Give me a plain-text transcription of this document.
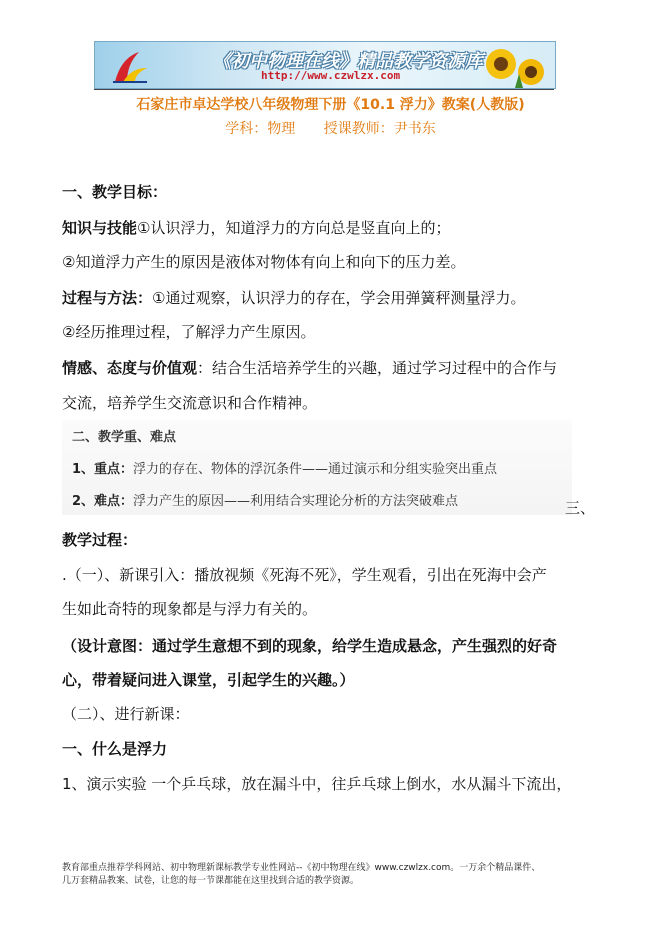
《初中物理在线》精品教学资源库
http://www.czwlzx.com
石家庄市卓达学校八年级物理下册《10.1 浮力》教案(人教版)
学科：物理 授课教师：尹书东
一、教学目标：
知识与技能①认识浮力，知道浮力的方向总是竖直向上的；
②知道浮力产生的原因是液体对物体有向上和向下的压力差。
过程与方法：①通过观察，认识浮力的存在，学会用弹簧秤测量浮力。
②经历推理过程，了解浮力产生原因。
情感、态度与价值观：结合生活培养学生的兴趣，通过学习过程中的合作与
交流，培养学生交流意识和合作精神。
二、教学重、难点
1、重点：浮力的存在、物体的浮沉条件——通过演示和分组实验突出重点
2、难点：浮力产生的原因——利用结合实理论分析的方法突破难点	三、
教学过程：
.（一）、新课引入：播放视频《死海不死》，学生观看，引出在死海中会产
生如此奇特的现象都是与浮力有关的。
（设计意图：通过学生意想不到的现象，给学生造成悬念，产生强烈的好奇
心，带着疑问进入课堂，引起学生的兴趣。）
（二）、进行新课：
一、什么是浮力
1、演示实验 一个乒乓球，放在漏斗中，往乒乓球上倒水，水从漏斗下流出，
教育部重点推荐学科网站、初中物理新课标教学专业性网站--《初中物理在线》www.czwlzx.com。一万余个精品课件、
几万套精品教案、试卷，让您的每一节课都能在这里找到合适的教学资源。
